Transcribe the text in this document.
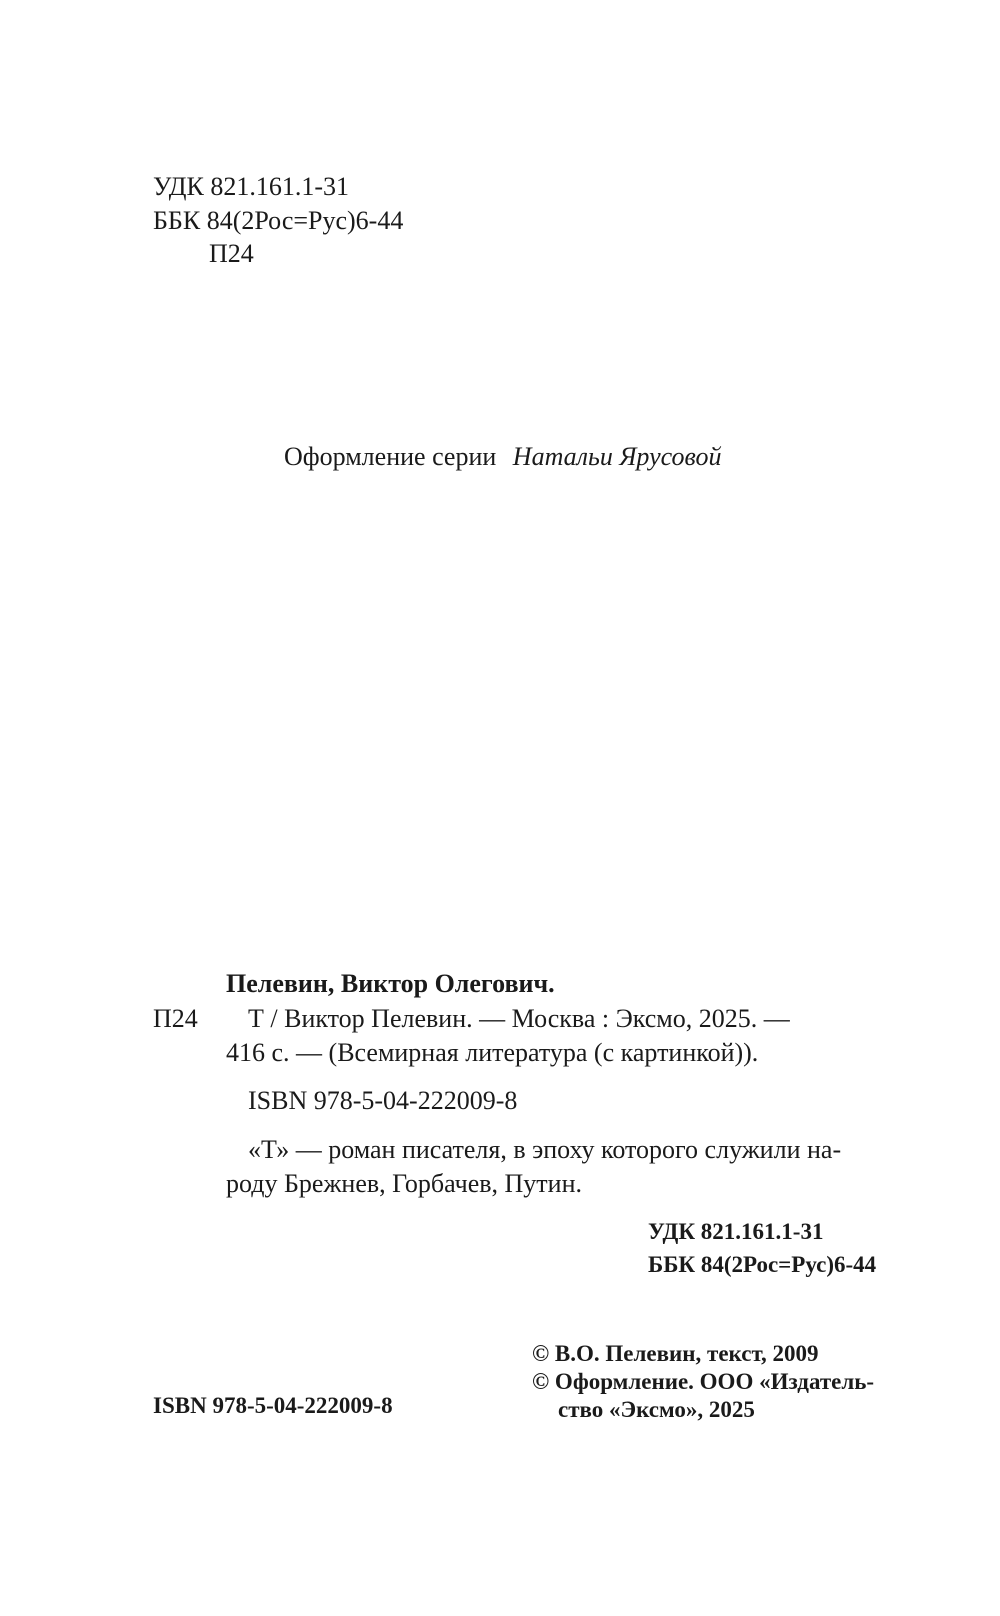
УДК 821.161.1-31
ББК 84(2Рос=Рус)6-44
П24
Оформление серии Натальи Ярусовой
Пелевин, Виктор Олегович.
П24 Т / Виктор Пелевин. — Москва : Эксмо, 2025. —
416 с. — (Всемирная литература (с картинкой)).
ISBN 978-5-04-222009-8
«Т» — роман писателя, в эпоху которого служили на-
роду Брежнев, Горбачев, Путин.
УДК 821.161.1-31
ББК 84(2Рос=Рус)6-44
© В.О. Пелевин, текст, 2009
© Оформление. ООО «Издатель-
ство «Эксмо», 2025
ISBN 978-5-04-222009-8
